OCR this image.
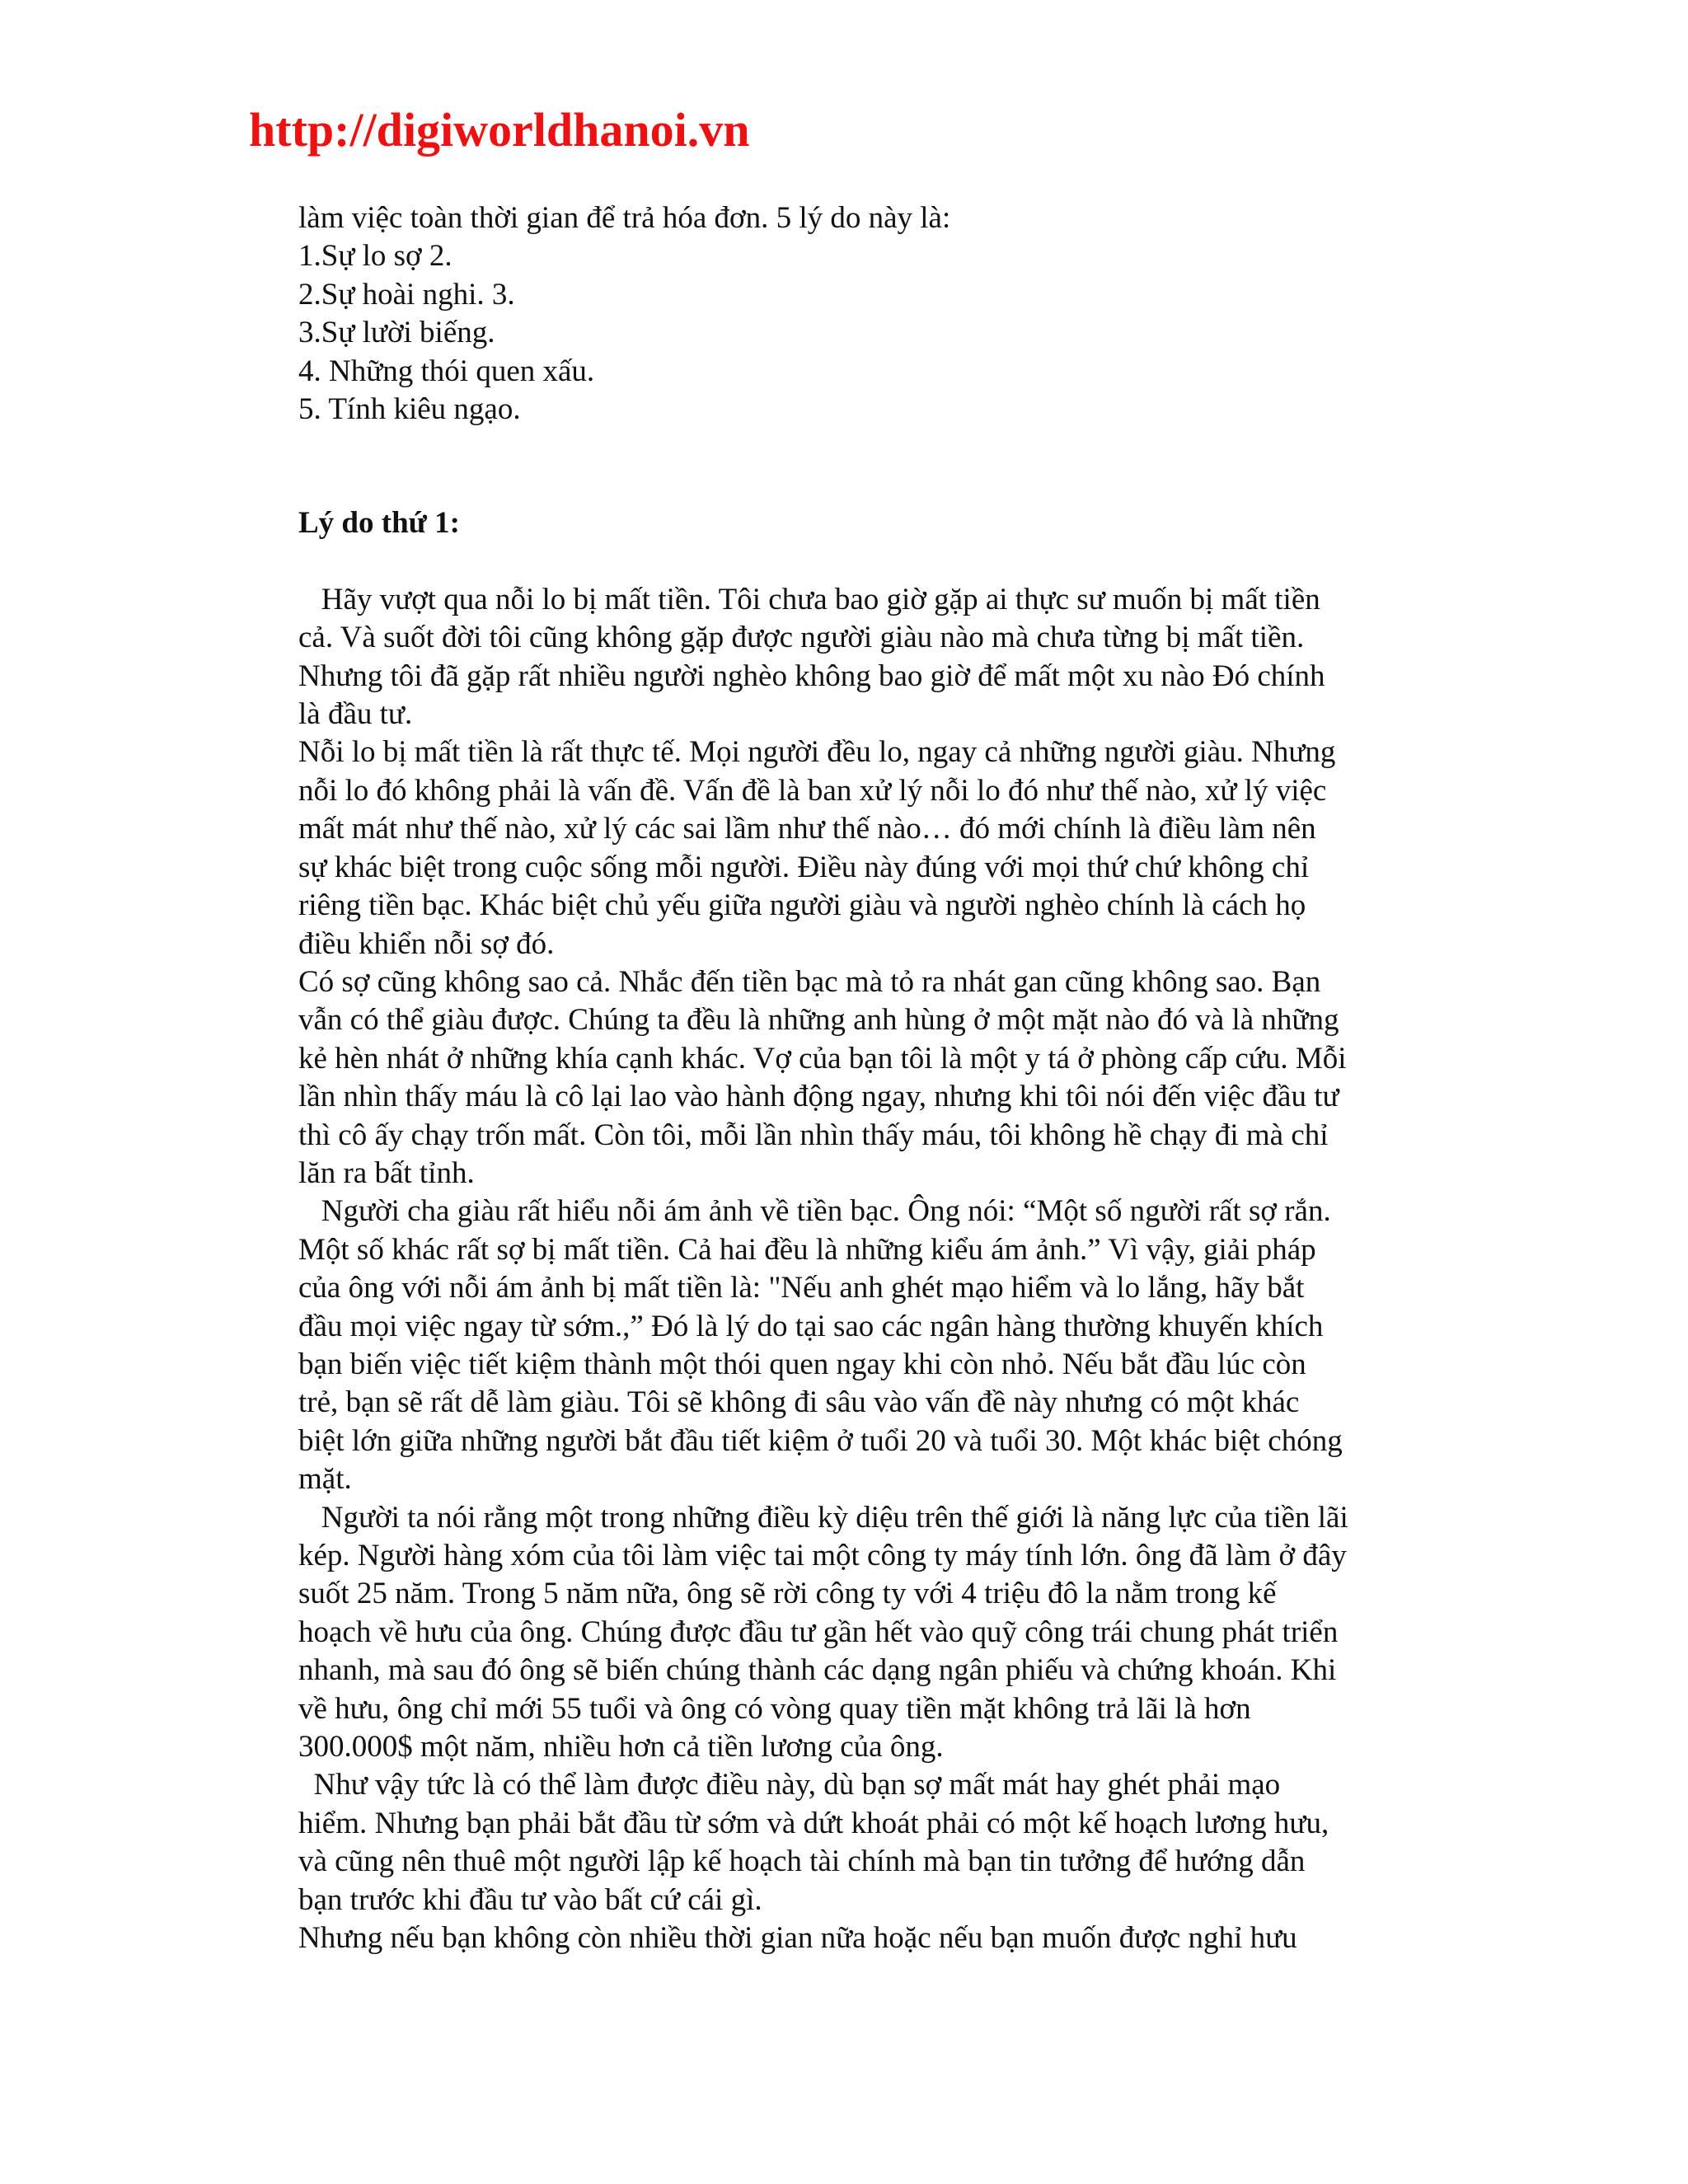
http://digiworldhanoi.vn
làm việc toàn thời gian để trả hóa đơn. 5 lý do này là:
1.Sự lo sợ 2.
2.Sự hoài nghi. 3.
3.Sự lười biếng.
4. Những thói quen xấu.
5. Tính kiêu ngạo.
Lý do thứ 1:
Hãy vượt qua nỗi lo bị mất tiền. Tôi chưa bao giờ gặp ai thực sư muốn bị mất tiền
cả. Và suốt đời tôi cũng không gặp được người giàu nào mà chưa từng bị mất tiền.
Nhưng tôi đã gặp rất nhiều người nghèo không bao giờ để mất một xu nào Đó chính
là đầu tư.
Nỗi lo bị mất tiền là rất thực tế. Mọi người đều lo, ngay cả những người giàu. Nhưng
nỗi lo đó không phải là vấn đề. Vấn đề là ban xử lý nỗi lo đó như thế nào, xử lý việc
mất mát như thế nào, xử lý các sai lầm như thế nào… đó mới chính là điều làm nên
sự khác biệt trong cuộc sống mỗi người. Điều này đúng với mọi thứ chứ không chỉ
riêng tiền bạc. Khác biệt chủ yếu giữa người giàu và người nghèo chính là cách họ
điều khiển nỗi sợ đó.
Có sợ cũng không sao cả. Nhắc đến tiền bạc mà tỏ ra nhát gan cũng không sao. Bạn
vẫn có thể giàu được. Chúng ta đều là những anh hùng ở một mặt nào đó và là những
kẻ hèn nhát ở những khía cạnh khác. Vợ của bạn tôi là một y tá ở phòng cấp cứu. Mỗi
lần nhìn thấy máu là cô lại lao vào hành động ngay, nhưng khi tôi nói đến việc đầu tư
thì cô ấy chạy trốn mất. Còn tôi, mỗi lần nhìn thấy máu, tôi không hề chạy đi mà chỉ
lăn ra bất tỉnh.
Người cha giàu rất hiểu nỗi ám ảnh về tiền bạc. Ông nói: “Một số người rất sợ rắn.
Một số khác rất sợ bị mất tiền. Cả hai đều là những kiểu ám ảnh.” Vì vậy, giải pháp
của ông với nỗi ám ảnh bị mất tiền là: "Nếu anh ghét mạo hiểm và lo lắng, hãy bắt
đầu mọi việc ngay từ sớm.,” Đó là lý do tại sao các ngân hàng thường khuyến khích
bạn biến việc tiết kiệm thành một thói quen ngay khi còn nhỏ. Nếu bắt đầu lúc còn
trẻ, bạn sẽ rất dễ làm giàu. Tôi sẽ không đi sâu vào vấn đề này nhưng có một khác
biệt lớn giữa những người bắt đầu tiết kiệm ở tuổi 20 và tuổi 30. Một khác biệt chóng
mặt.
Người ta nói rằng một trong những điều kỳ diệu trên thế giới là năng lực của tiền lãi
kép. Người hàng xóm của tôi làm việc tai một công ty máy tính lớn. ông đã làm ở đây
suốt 25 năm. Trong 5 năm nữa, ông sẽ rời công ty với 4 triệu đô la nằm trong kế
hoạch về hưu của ông. Chúng được đầu tư gần hết vào quỹ công trái chung phát triển
nhanh, mà sau đó ông sẽ biến chúng thành các dạng ngân phiếu và chứng khoán. Khi
về hưu, ông chỉ mới 55 tuổi và ông có vòng quay tiền mặt không trả lãi là hơn
300.000$ một năm, nhiều hơn cả tiền lương của ông.
Như vậy tức là có thể làm được điều này, dù bạn sợ mất mát hay ghét phải mạo
hiểm. Nhưng bạn phải bắt đầu từ sớm và dứt khoát phải có một kế hoạch lương hưu,
và cũng nên thuê một người lập kế hoạch tài chính mà bạn tin tưởng để hướng dẫn
bạn trước khi đầu tư vào bất cứ cái gì.
Nhưng nếu bạn không còn nhiều thời gian nữa hoặc nếu bạn muốn được nghỉ hưu
